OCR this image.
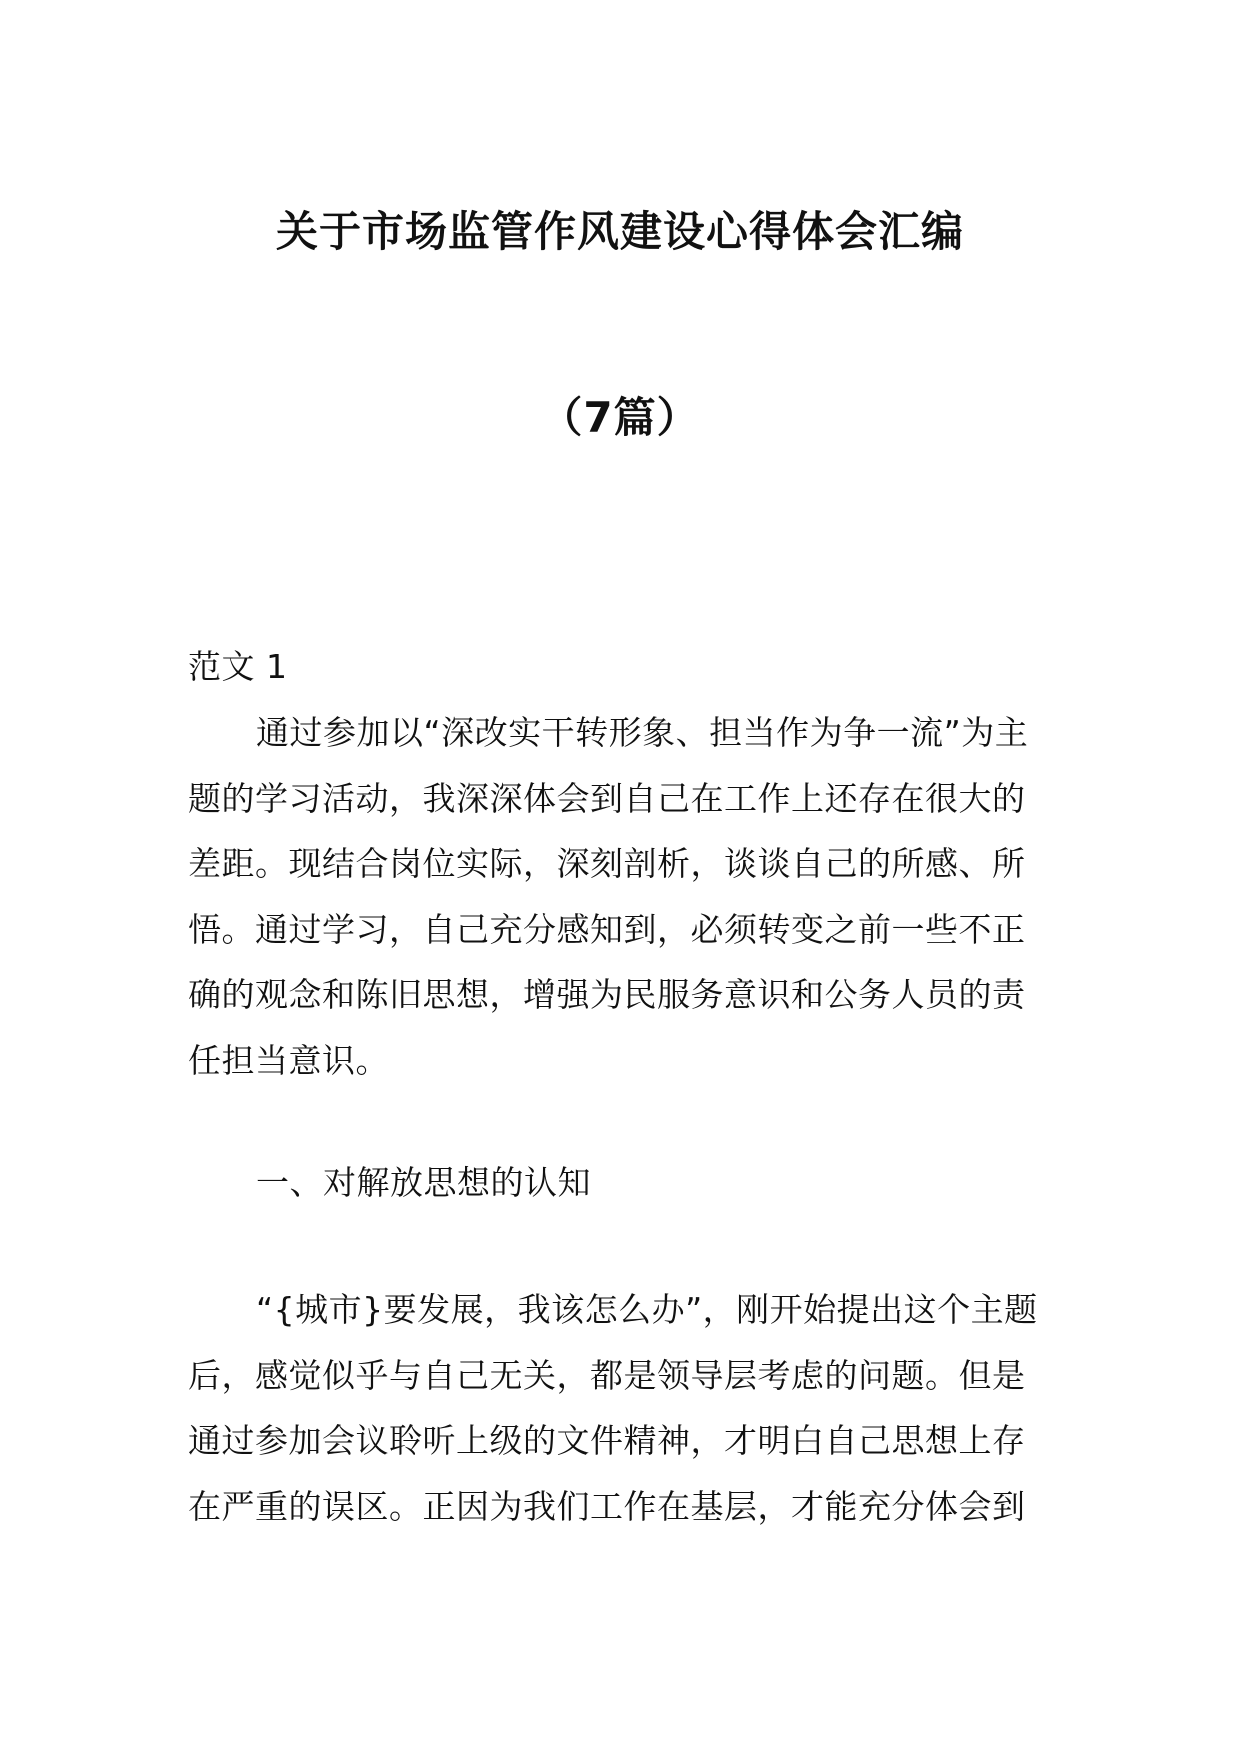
关于市场监管作风建设心得体会汇编
（7篇）

范文 1

通过参加以“深改实干转形象、担当作为争一流”为主题的学习活动，我深深体会到自己在工作上还存在很大的差距。现结合岗位实际，深刻剖析，谈谈自己的所感、所悟。通过学习，自己充分感知到，必须转变之前一些不正确的观念和陈旧思想，增强为民服务意识和公务人员的责任担当意识。

一、对解放思想的认知

“{城市}要发展，我该怎么办”，刚开始提出这个主题后，感觉似乎与自己无关，都是领导层考虑的问题。但是通过参加会议聆听上级的文件精神，才明白自己思想上存在严重的误区。正因为我们工作在基层，才能充分体会到
